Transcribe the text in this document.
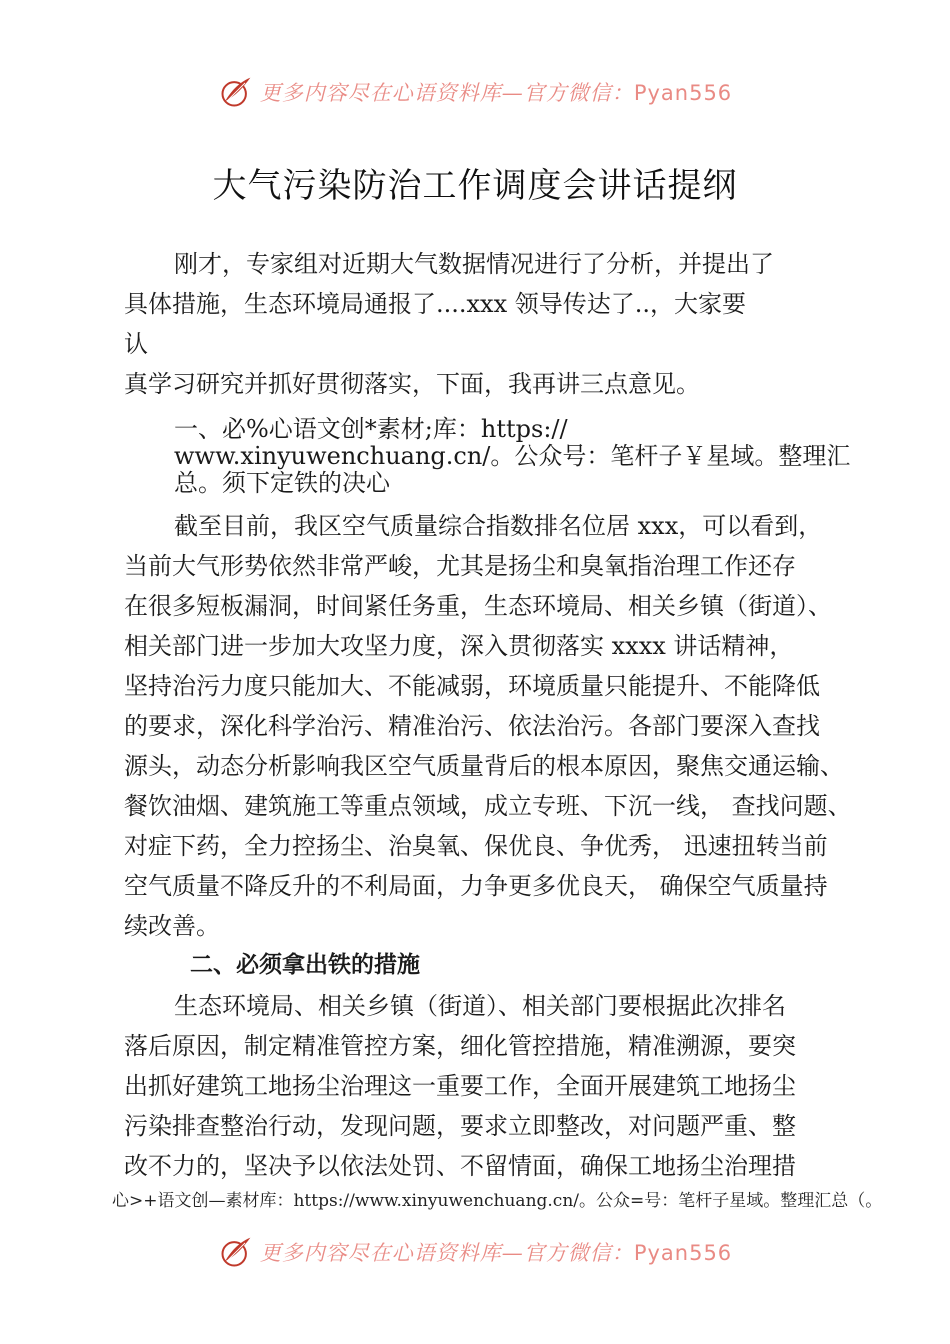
更多内容尽在心语资料库—官方微信：Pyan556
大气污染防治工作调度会讲话提纲
刚才，专家组对近期大气数据情况进行了分析，并提出了
具体措施，生态环境局通报了....xxx 领导传达了..，大家要
认
真学习研究并抓好贯彻落实，下面，我再讲三点意见。
一、必%心语文创*素材;库：https://
www.xinyuwenchuang.cn/。公众号：笔杆子￥星域。整理汇
总。须下定铁的决心
截至目前，我区空气质量综合指数排名位居 xxx，可以看到，
当前大气形势依然非常严峻，尤其是扬尘和臭氧指治理工作还存
在很多短板漏洞，时间紧任务重，生态环境局、相关乡镇（街道）、
相关部门进一步加大攻坚力度，深入贯彻落实 xxxx 讲话精神，
坚持治污力度只能加大、不能减弱，环境质量只能提升、不能降低
的要求，深化科学治污、精准治污、依法治污。各部门要深入查找
源头，动态分析影响我区空气质量背后的根本原因，聚焦交通运输、
餐饮油烟、建筑施工等重点领域，成立专班、下沉一线， 查找问题、
对症下药，全力控扬尘、治臭氧、保优良、争优秀， 迅速扭转当前
空气质量不降反升的不利局面，力争更多优良天， 确保空气质量持
续改善。
二、必须拿出铁的措施
生态环境局、相关乡镇（街道）、相关部门要根据此次排名
落后原因，制定精准管控方案，细化管控措施，精准溯源，要突
出抓好建筑工地扬尘治理这一重要工作，全面开展建筑工地扬尘
污染排查整治行动，发现问题，要求立即整改，对问题严重、整
改不力的，坚决予以依法处罚、不留情面，确保工地扬尘治理措
心>+语文创—素材库：https://www.xinyuwenchuang.cn/。公众=号：笔杆子星域。整理汇总（。
更多内容尽在心语资料库—官方微信：Pyan556
